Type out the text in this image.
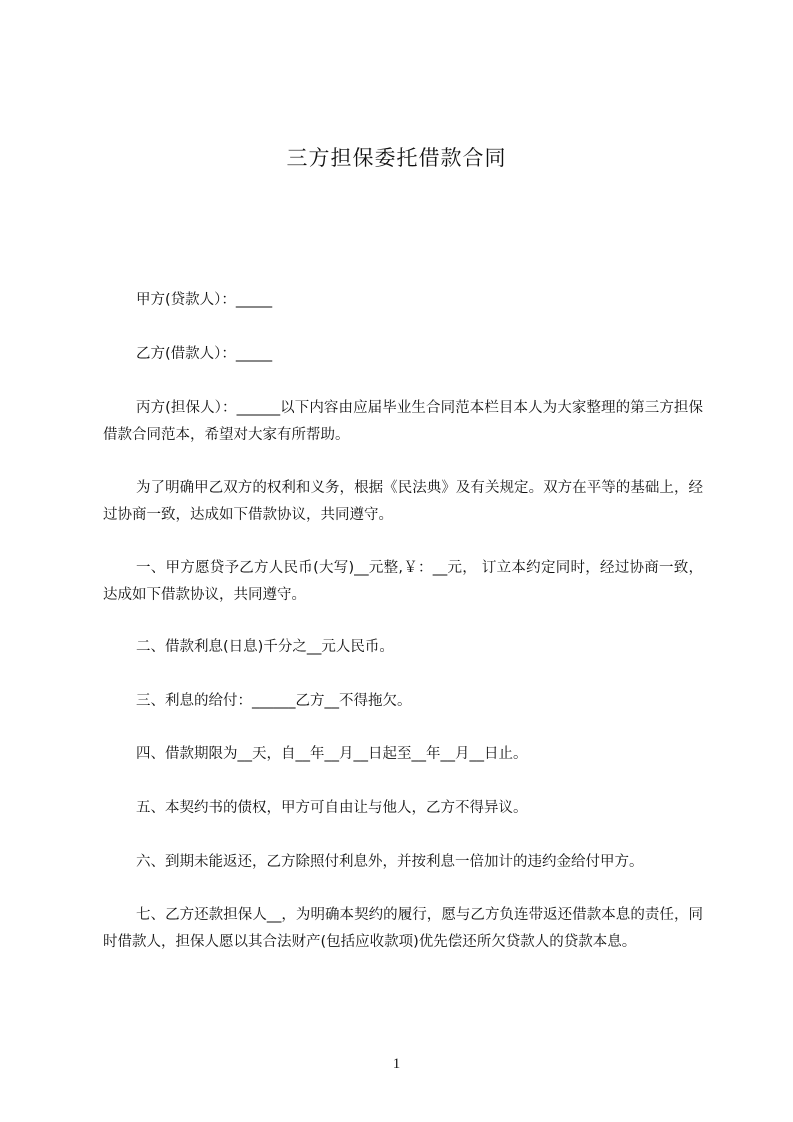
三方担保委托借款合同

甲方(贷款人）：_____

乙方(借款人）：_____

丙方(担保人）：______以下内容由应届毕业生合同范本栏目本人为大家整理的第三方担保借款合同范本，希望对大家有所帮助。

为了明确甲乙双方的权利和义务，根据《民法典》及有关规定。双方在平等的基础上，经过协商一致，达成如下借款协议，共同遵守。

一、甲方愿贷予乙方人民币(大写)__元整,￥：__元， 订立本约定同时，经过协商一致，达成如下借款协议，共同遵守。

二、借款利息(日息)千分之__元人民币。

三、利息的给付：______乙方__不得拖欠。

四、借款期限为__天，自__年__月__日起至__年__月__日止。

五、本契约书的债权，甲方可自由让与他人，乙方不得异议。

六、到期未能返还，乙方除照付利息外，并按利息一倍加计的违约金给付甲方。

七、乙方还款担保人__，为明确本契约的履行，愿与乙方负连带返还借款本息的责任，同时借款人，担保人愿以其合法财产(包括应收款项)优先偿还所欠贷款人的贷款本息。

1
